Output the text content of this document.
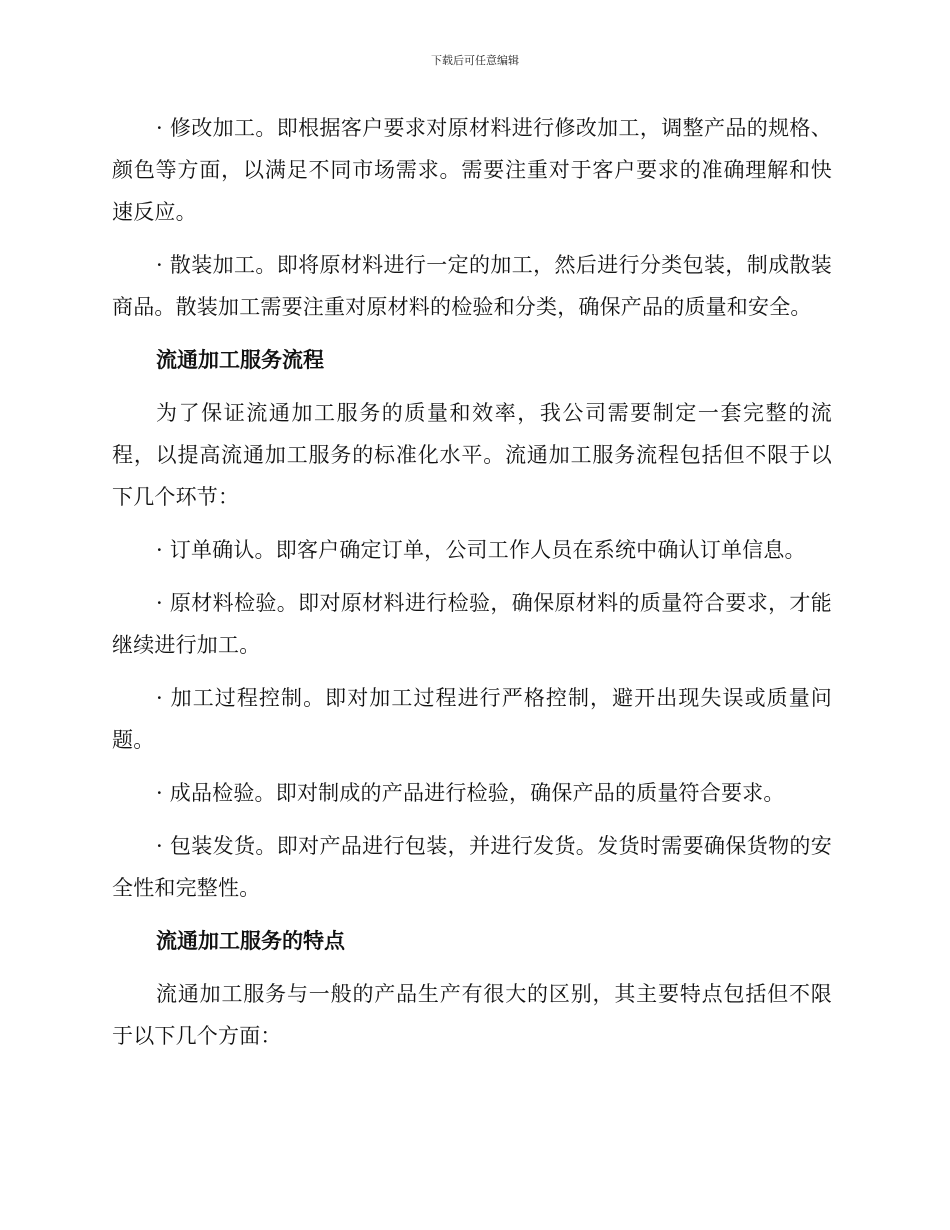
下载后可任意编辑

· 修改加工。即根据客户要求对原材料进行修改加工，调整产品的规格、颜色等方面，以满足不同市场需求。需要注重对于客户要求的准确理解和快速反应。

· 散装加工。即将原材料进行一定的加工，然后进行分类包装，制成散装商品。散装加工需要注重对原材料的检验和分类，确保产品的质量和安全。

流通加工服务流程

为了保证流通加工服务的质量和效率，我公司需要制定一套完整的流程，以提高流通加工服务的标准化水平。流通加工服务流程包括但不限于以下几个环节：

· 订单确认。即客户确定订单，公司工作人员在系统中确认订单信息。

· 原材料检验。即对原材料进行检验，确保原材料的质量符合要求，才能继续进行加工。

· 加工过程控制。即对加工过程进行严格控制，避开出现失误或质量问题。

· 成品检验。即对制成的产品进行检验，确保产品的质量符合要求。

· 包装发货。即对产品进行包装，并进行发货。发货时需要确保货物的安全性和完整性。

流通加工服务的特点

流通加工服务与一般的产品生产有很大的区别，其主要特点包括但不限于以下几个方面：
